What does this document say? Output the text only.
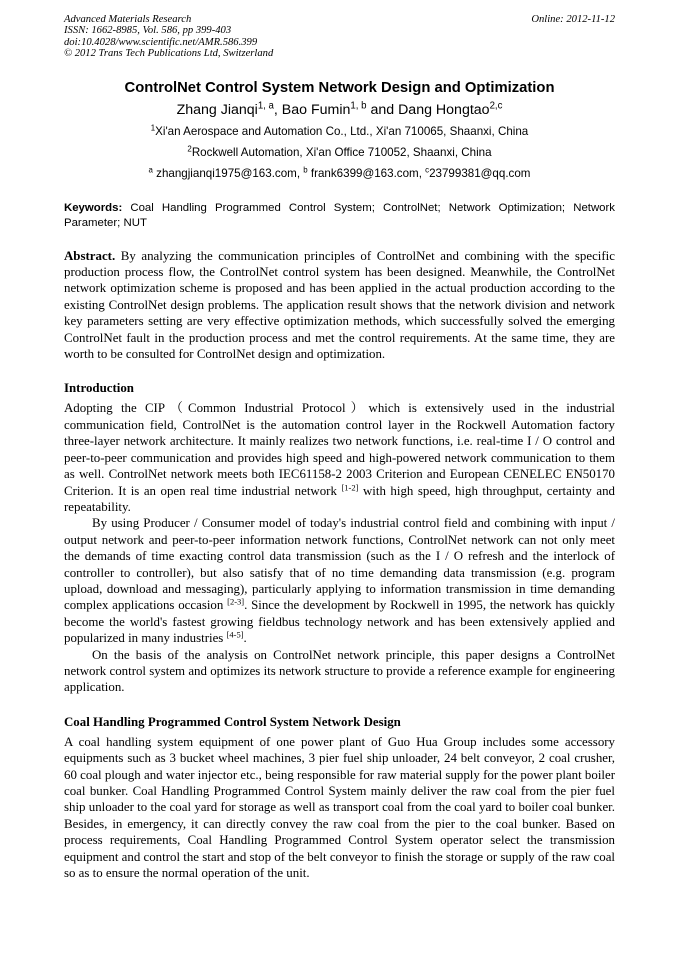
Advanced Materials Research
ISSN: 1662-8985, Vol. 586, pp 399-403
doi:10.4028/www.scientific.net/AMR.586.399
© 2012 Trans Tech Publications Ltd, Switzerland
Online: 2012-11-12
ControlNet Control System Network Design and Optimization
Zhang Jianqi$^{1, a}$, Bao Fumin$^{1, b}$ and Dang Hongtao$^{2,c}$
$^1$Xi'an Aerospace and Automation Co., Ltd., Xi'an 710065, Shaanxi, China
$^2$Rockwell Automation, Xi'an Office 710052, Shaanxi, China
$^a$ zhangjianqi1975@163.com, $^b$ frank6399@163.com, $^c$23799381@qq.com
Keywords: Coal Handling Programmed Control System; ControlNet; Network Optimization; Network Parameter; NUT
Abstract. By analyzing the communication principles of ControlNet and combining with the specific production process flow, the ControlNet control system has been designed. Meanwhile, the ControlNet network optimization scheme is proposed and has been applied in the actual production according to the existing ControlNet design problems. The application result shows that the network division and network key parameters setting are very effective optimization methods, which successfully solved the emerging ControlNet fault in the production process and met the control requirements. At the same time, they are worth to be consulted for ControlNet design and optimization.
Introduction

Adopting the CIP（Common Industrial Protocol）which is extensively used in the industrial communication field, ControlNet is the automation control layer in the Rockwell Automation factory three-layer network architecture. It mainly realizes two network functions, i.e. real-time I / O control and peer-to-peer communication and provides high speed and high-powered network communication to them as well. ControlNet network meets both IEC61158-2 2003 Criterion and European CENELEC EN50170 Criterion. It is an open real time industrial network [1-2] with high speed, high throughput, certainty and repeatability.

By using Producer / Consumer model of today's industrial control field and combining with input / output network and peer-to-peer information network functions, ControlNet network can not only meet the demands of time exacting control data transmission (such as the I / O refresh and the interlock of controller to controller), but also satisfy that of no time demanding data transmission (e.g. program upload, download and messaging), particularly applying to information transmission in time demanding complex applications occasion [2-3]. Since the development by Rockwell in 1995, the network has quickly become the world's fastest growing fieldbus technology network and has been extensively applied and popularized in many industries [4-5].

On the basis of the analysis on ControlNet network principle, this paper designs a ControlNet network control system and optimizes its network structure to provide a reference example for engineering application.

Coal Handling Programmed Control System Network Design

A coal handling system equipment of one power plant of Guo Hua Group includes some accessory equipments such as 3 bucket wheel machines, 3 pier fuel ship unloader, 24 belt conveyor, 2 coal crusher, 60 coal plough and water injector etc., being responsible for raw material supply for the power plant boiler coal bunker. Coal Handling Programmed Control System mainly deliver the raw coal from the pier fuel ship unloader to the coal yard for storage as well as transport coal from the coal yard to boiler coal bunker. Besides, in emergency, it can directly convey the raw coal from the pier to the coal bunker. Based on process requirements, Coal Handling Programmed Control System operator select the transmission equipment and control the start and stop of the belt conveyor to finish the storage or supply of the raw coal so as to ensure the normal operation of the unit.
